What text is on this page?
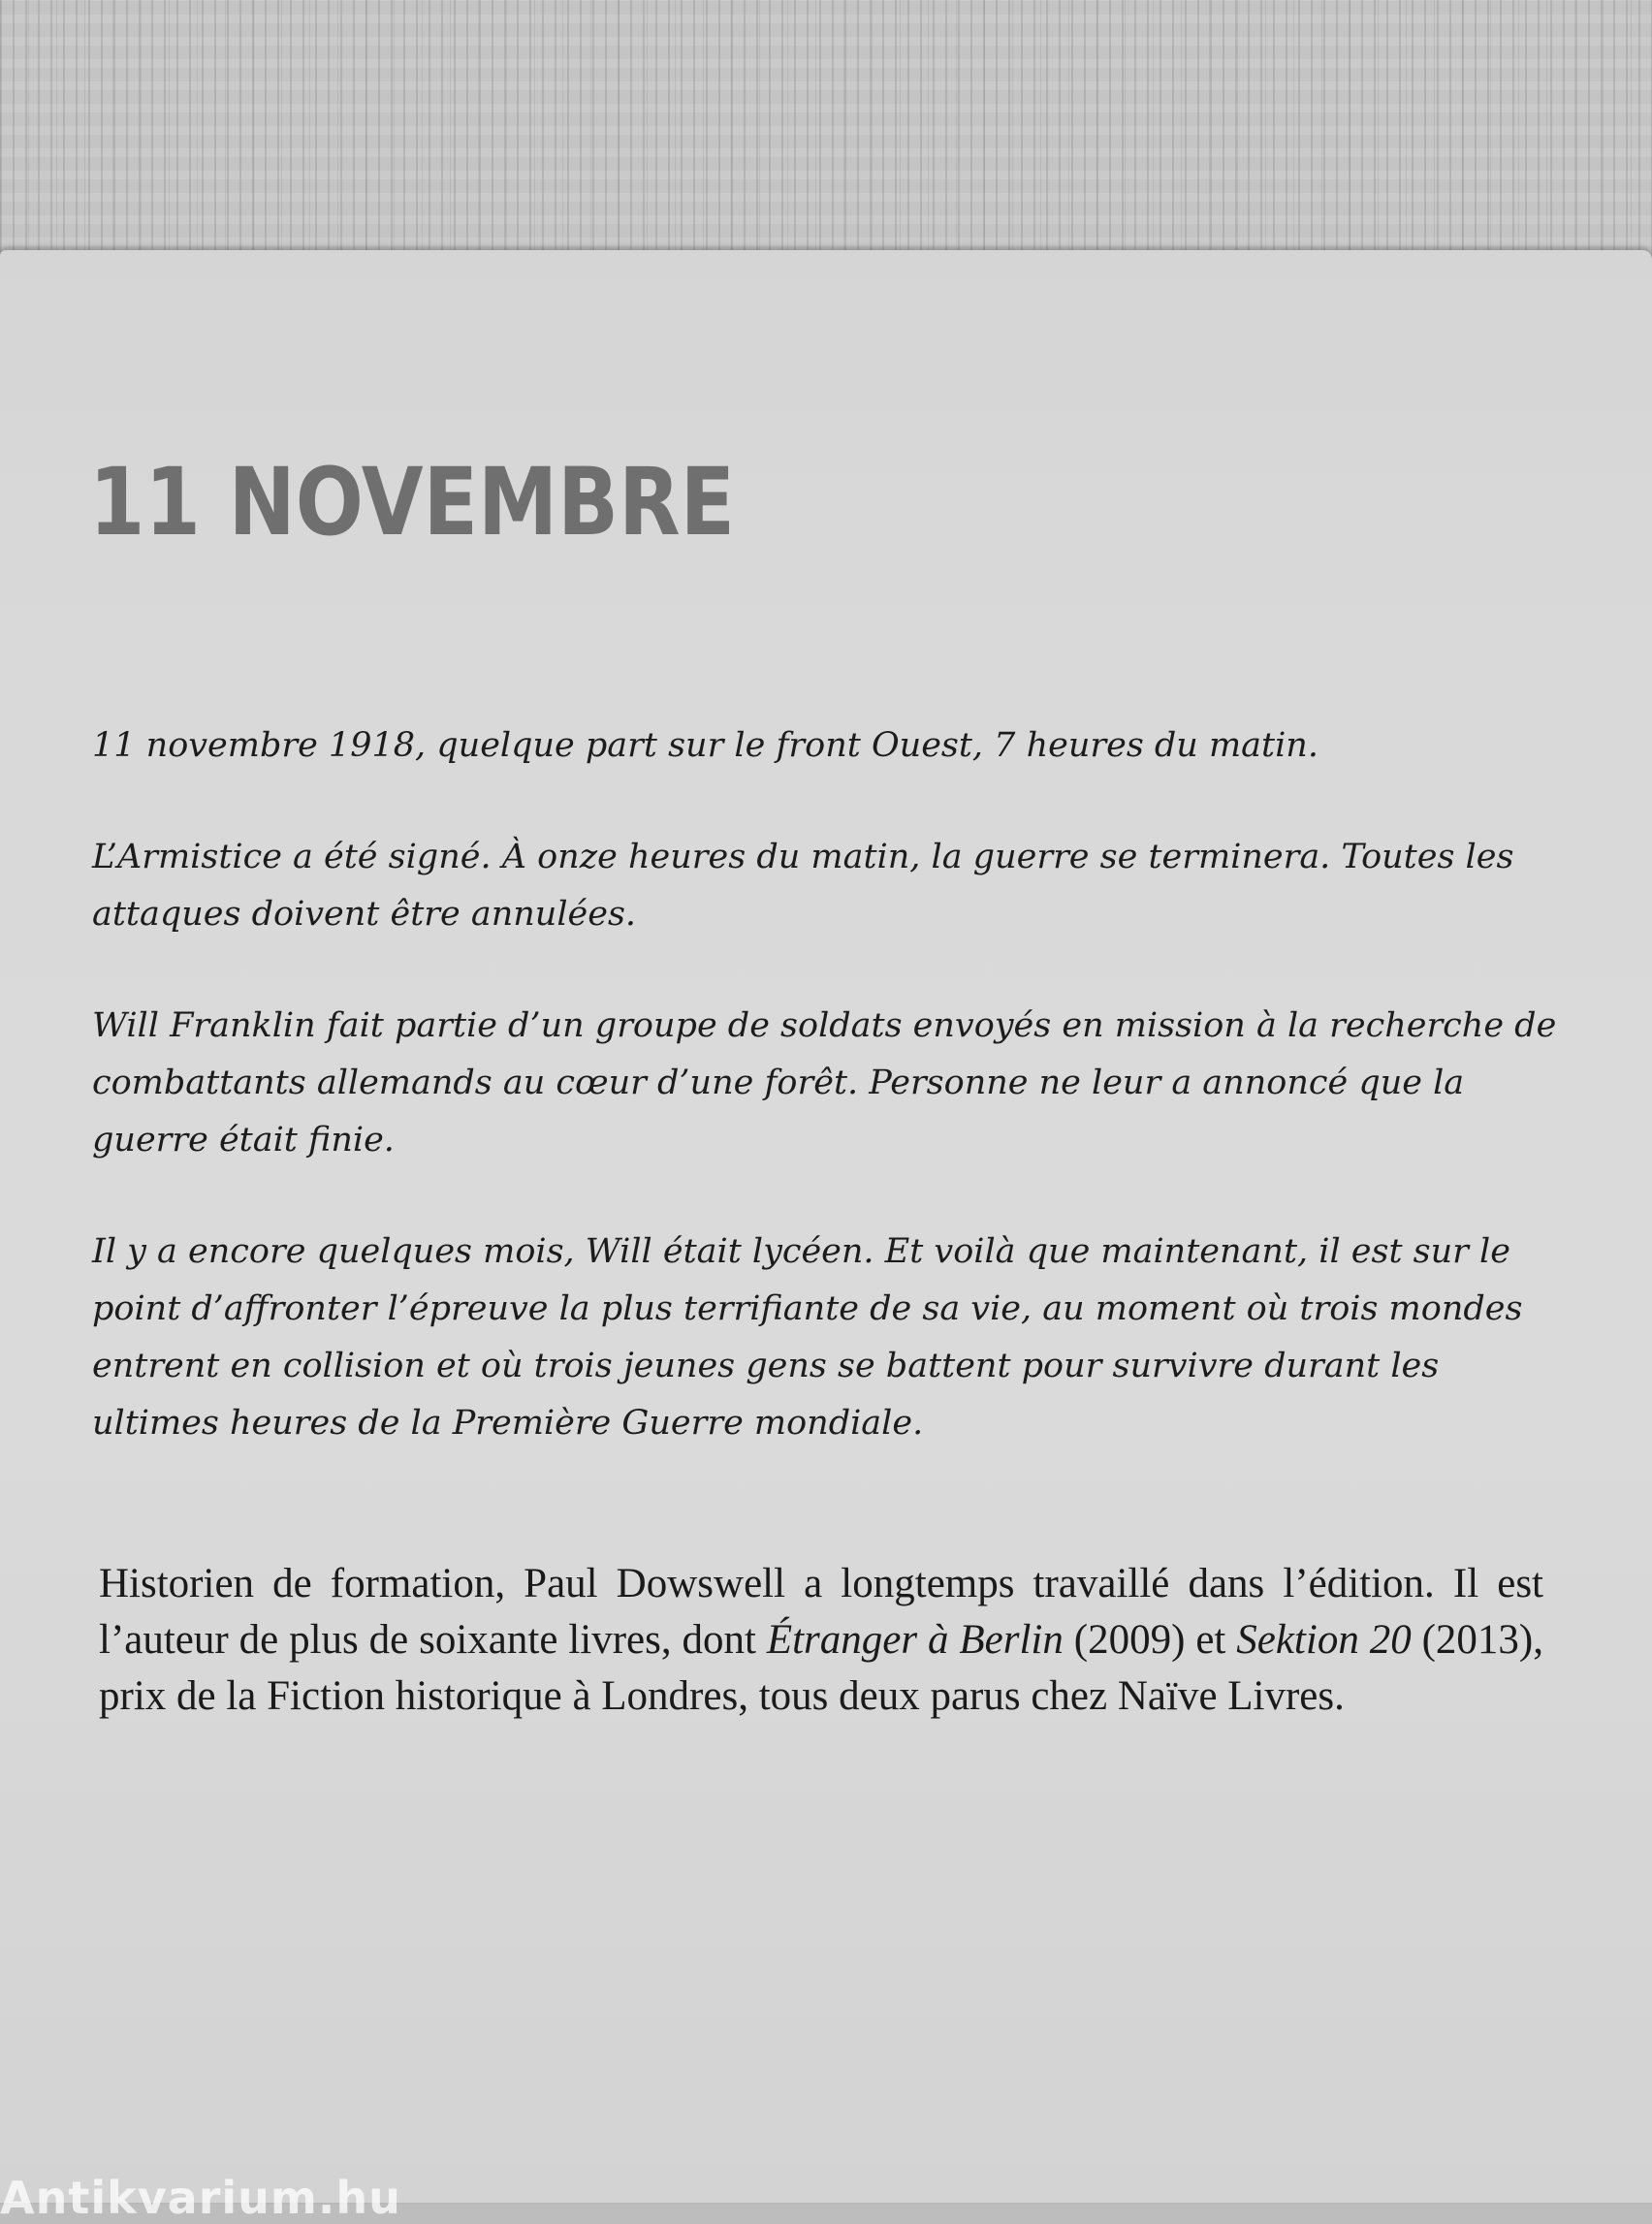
11 NOVEMBRE

11 novembre 1918, quelque part sur le front Ouest, 7 heures du matin.

L’Armistice a été signé. À onze heures du matin, la guerre se terminera. Toutes les attaques doivent être annulées.

Will Franklin fait partie d’un groupe de soldats envoyés en mission à la recherche de combattants allemands au cœur d’une forêt. Personne ne leur a annoncé que la guerre était finie.

Il y a encore quelques mois, Will était lycéen. Et voilà que maintenant, il est sur le point d’affronter l’épreuve la plus terrifiante de sa vie, au moment où trois mondes entrent en collision et où trois jeunes gens se battent pour survivre durant les ultimes heures de la Première Guerre mondiale.

Historien de formation, Paul Dowswell a longtemps travaillé dans l’édition. Il est l’auteur de plus de soixante livres, dont Étranger à Berlin (2009) et Sektion 20 (2013), prix de la Fiction historique à Londres, tous deux parus chez Naïve Livres.
Antikvarium.hu
